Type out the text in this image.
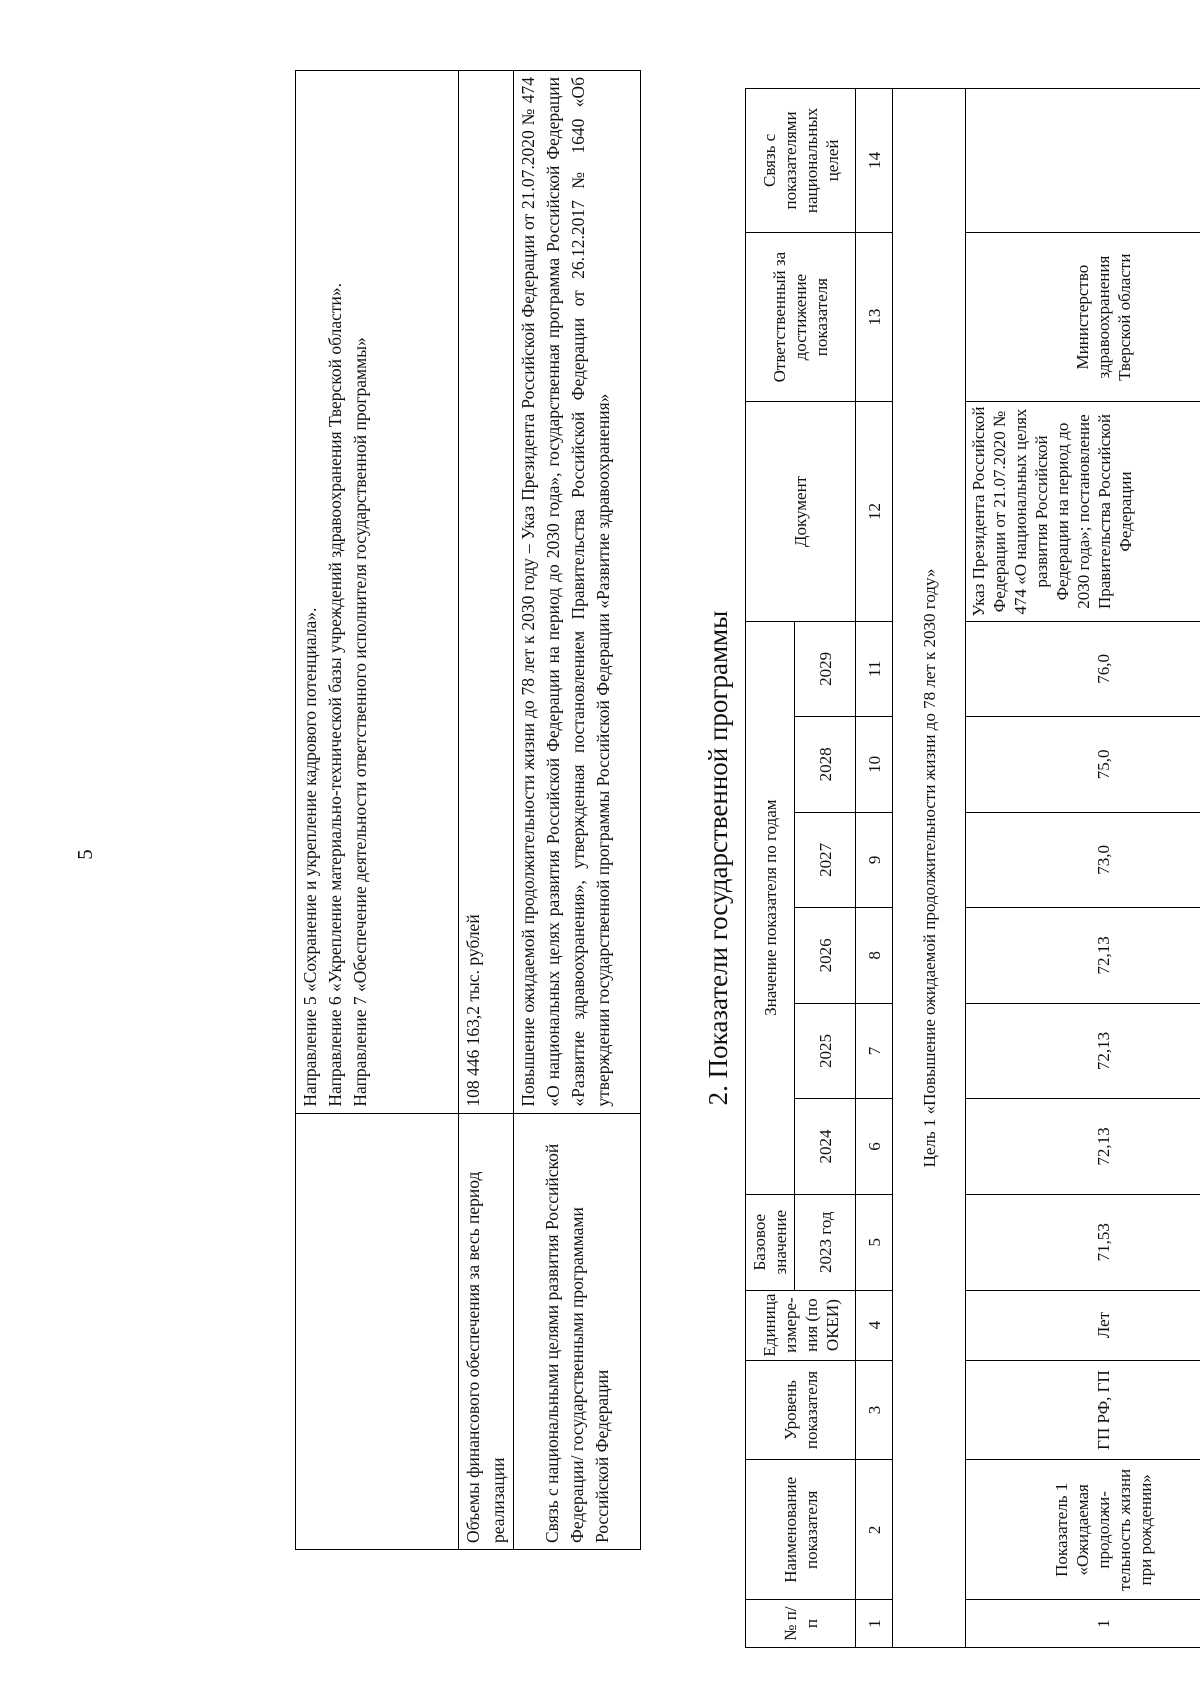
5
	Направление 5 «Сохранение и укрепление кадрового потенциала».
Направление 6 «Укрепление материально-технической базы учреждений здравоохранения Тверской области».
Направление 7 «Обеспечение деятельности ответственного исполнителя государственной программы»
Объемы финансового обеспечения за весь период реализации	108 446 163,2 тыс. рублей
Связь с национальными целями развития Российской Федерации/ государственными программами Российской Федерации	Повышение ожидаемой продолжительности жизни до 78 лет к 2030 году – Указ Президента Российской Федерации от 21.07.2020 № 474 «О национальных целях развития Российской Федерации на период до 2030 года», государственная программа Российской Федерации «Развитие здравоохранения», утвержденная постановлением Правительства Российской Федерации от 26.12.2017 № 1640 «Об утверждении государственной программы Российской Федерации «Развитие здравоохранения»	2. Показатели государственной программы
№ п/п	Наименование показателя	Уровень показателя	Единица измере-ния (по ОКЕИ)	Базовое значение	Значение показателя по годам						Документ	Ответственный за достижение показателя	Связь с показателями национальных целей
				2023 год	2024	2025	2026	2027	2028	2029			
1	2	3	4	5	6	7	8	9	10	11	12	13	14
Цель 1 «Повышение ожидаемой продолжительности жизни до 78 лет к 2030 году»													
1	Показатель 1 «Ожидаемая продолжи-тельность жизни при рождении»	ГП РФ, ГП	Лет	71,53	72,13	72,13	72,13	73,0	75,0	76,0	Указ Президента Российской Федерации от 21.07.2020 № 474 «О национальных целях развития Российской Федерации на период до 2030 года»; постановление Правительства Российской Федерации	Министерство здравоохранения Тверской области	
